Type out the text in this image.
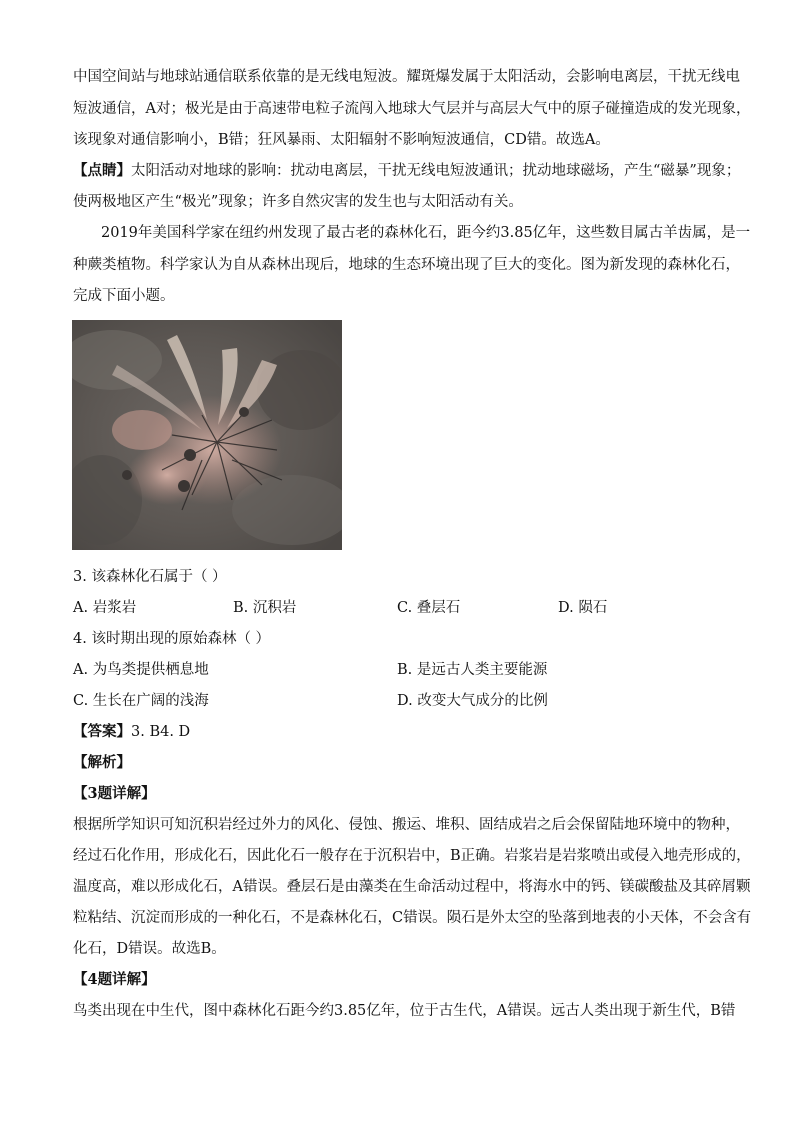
中国空间站与地球站通信联系依靠的是无线电短波。耀斑爆发属于太阳活动，会影响电离层，干扰无线电
短波通信，A对；极光是由于高速带电粒子流闯入地球大气层并与高层大气中的原子碰撞造成的发光现象，
该现象对通信影响小，B错；狂风暴雨、太阳辐射不影响短波通信，CD错。故选A。
【点睛】太阳活动对地球的影响：扰动电离层，干扰无线电短波通讯；扰动地球磁场，产生“磁暴”现象；
使两极地区产生“极光”现象；许多自然灾害的发生也与太阳活动有关。
2019年美国科学家在纽约州发现了最古老的森林化石，距今约3.85亿年，这些数目属古羊齿属，是一
种蕨类植物。科学家认为自从森林出现后，地球的生态环境出现了巨大的变化。图为新发现的森林化石，
完成下面小题。
3. 该森林化石属于（ ）
A. 岩浆岩	B. 沉积岩	C. 叠层石	D. 陨石
4. 该时期出现的原始森林（ ）
A. 为鸟类提供栖息地	B. 是远古人类主要能源
C. 生长在广阔的浅海	D. 改变大气成分的比例
【答案】3. B4. D
【解析】
【3题详解】
根据所学知识可知沉积岩经过外力的风化、侵蚀、搬运、堆积、固结成岩之后会保留陆地环境中的物种，
经过石化作用，形成化石，因此化石一般存在于沉积岩中，B正确。岩浆岩是岩浆喷出或侵入地壳形成的，
温度高，难以形成化石，A错误。叠层石是由藻类在生命活动过程中，将海水中的钙、镁碳酸盐及其碎屑颗
粒粘结、沉淀而形成的一种化石，不是森林化石，C错误。陨石是外太空的坠落到地表的小天体，不会含有
化石，D错误。故选B。
【4题详解】
鸟类出现在中生代，图中森林化石距今约3.85亿年，位于古生代，A错误。远古人类出现于新生代，B错
